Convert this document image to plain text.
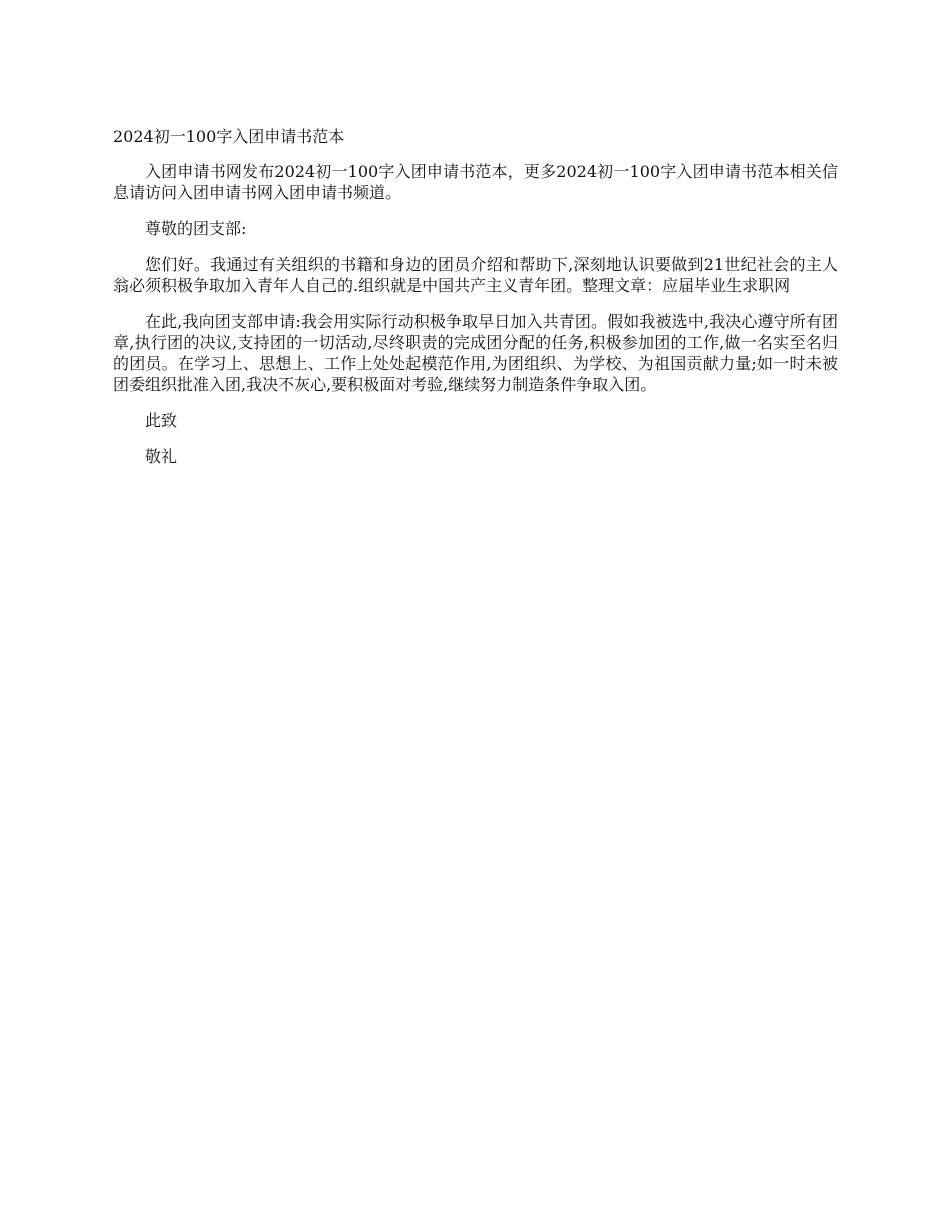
2024初一100字入团申请书范本

入团申请书网发布2024初一100字入团申请书范本，更多2024初一100字入团申请书范本相关信息请访问入团申请书网入团申请书频道。

尊敬的团支部:

您们好。我通过有关组织的书籍和身边的团员介绍和帮助下,深刻地认识要做到21世纪社会的主人翁必须积极争取加入青年人自己的.组织就是中国共产主义青年团。整理文章：应届毕业生求职网

在此,我向团支部申请:我会用实际行动积极争取早日加入共青团。假如我被选中,我决心遵守所有团章,执行团的决议,支持团的一切活动,尽终职责的完成团分配的任务,积极参加团的工作,做一名实至名归的团员。在学习上、思想上、工作上处处起模范作用,为团组织、为学校、为祖国贡献力量;如一时未被团委组织批准入团,我决不灰心,要积极面对考验,继续努力制造条件争取入团。

此致

敬礼
